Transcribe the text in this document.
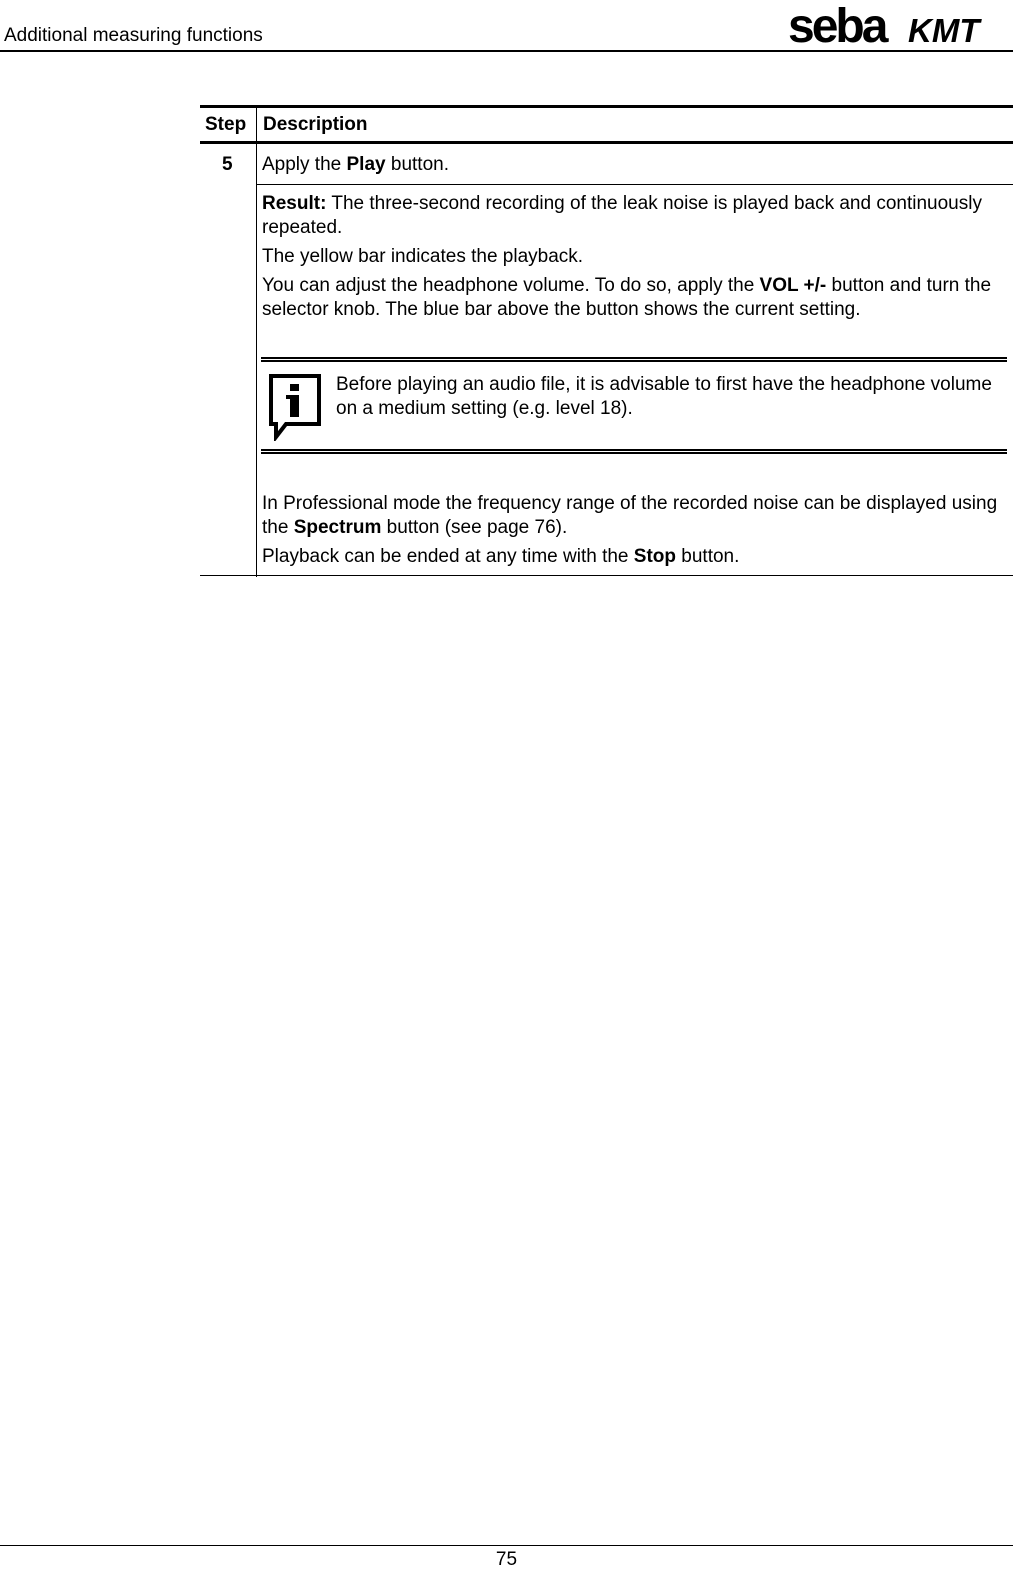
Additional measuring functions	seba KMT
Step Description
5 Apply the Play button.
Result: The three-second recording of the leak noise is played back and continuously repeated.
The yellow bar indicates the playback.
You can adjust the headphone volume. To do so, apply the VOL +/- button and turn the selector knob. The blue bar above the button shows the current setting.
Before playing an audio file, it is advisable to first have the headphone volume on a medium setting (e.g. level 18).
In Professional mode the frequency range of the recorded noise can be displayed using the Spectrum button (see page 76).
Playback can be ended at any time with the Stop button.
75
